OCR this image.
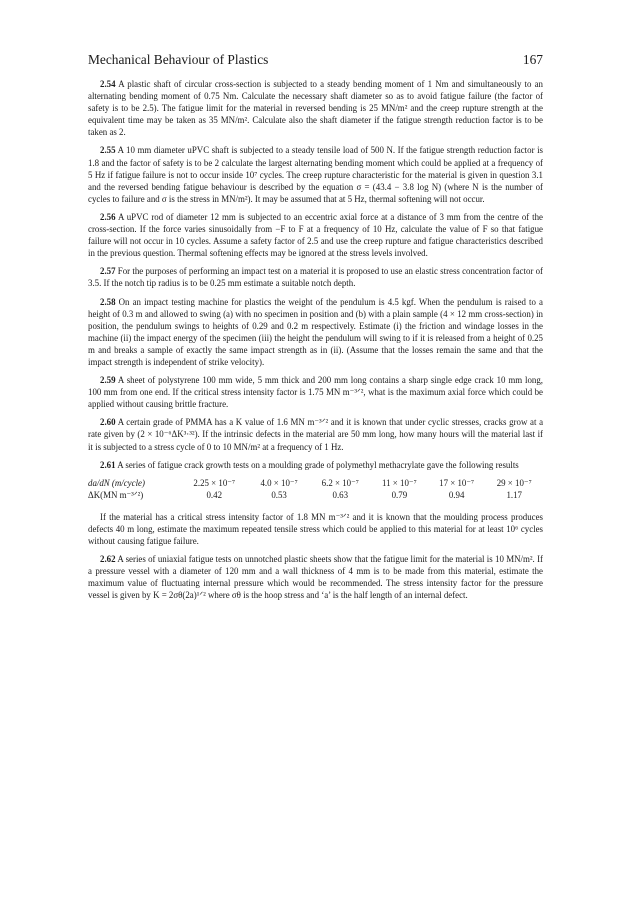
Mechanical Behaviour of Plastics	167

2.54 A plastic shaft of circular cross-section is subjected to a steady bending moment of 1 Nm and simultaneously to an alternating bending moment of 0.75 Nm. Calculate the necessary shaft diameter so as to avoid fatigue failure (the factor of safety is to be 2.5). The fatigue limit for the material in reversed bending is 25 MN/m² and the creep rupture strength at the equivalent time may be taken as 35 MN/m². Calculate also the shaft diameter if the fatigue strength reduction factor is to be taken as 2.

2.55 A 10 mm diameter uPVC shaft is subjected to a steady tensile load of 500 N. If the fatigue strength reduction factor is 1.8 and the factor of safety is to be 2 calculate the largest alternating bending moment which could be applied at a frequency of 5 Hz if fatigue failure is not to occur inside 10⁷ cycles. The creep rupture characteristic for the material is given in question 3.1 and the reversed bending fatigue behaviour is described by the equation σ = (43.4 − 3.8 log N) (where N is the number of cycles to failure and σ is the stress in MN/m²). It may be assumed that at 5 Hz, thermal softening will not occur.

2.56 A uPVC rod of diameter 12 mm is subjected to an eccentric axial force at a distance of 3 mm from the centre of the cross-section. If the force varies sinusoidally from −F to F at a frequency of 10 Hz, calculate the value of F so that fatigue failure will not occur in 10 cycles. Assume a safety factor of 2.5 and use the creep rupture and fatigue characteristics described in the previous question. Thermal softening effects may be ignored at the stress levels involved.

2.57 For the purposes of performing an impact test on a material it is proposed to use an elastic stress concentration factor of 3.5. If the notch tip radius is to be 0.25 mm estimate a suitable notch depth.

2.58 On an impact testing machine for plastics the weight of the pendulum is 4.5 kgf. When the pendulum is raised to a height of 0.3 m and allowed to swing (a) with no specimen in position and (b) with a plain sample (4 × 12 mm cross-section) in position, the pendulum swings to heights of 0.29 and 0.2 m respectively. Estimate (i) the friction and windage losses in the machine (ii) the impact energy of the specimen (iii) the height the pendulum will swing to if it is released from a height of 0.25 m and breaks a sample of exactly the same impact strength as in (ii). (Assume that the losses remain the same and that the impact strength is independent of strike velocity).

2.59 A sheet of polystyrene 100 mm wide, 5 mm thick and 200 mm long contains a sharp single edge crack 10 mm long, 100 mm from one end. If the critical stress intensity factor is 1.75 MN m⁻³ᐟ², what is the maximum axial force which could be applied without causing brittle fracture.

2.60 A certain grade of PMMA has a K value of 1.6 MN m⁻³ᐟ² and it is known that under cyclic stresses, cracks grow at a rate given by (2 × 10⁻⁶ΔK³·³²). If the intrinsic defects in the material are 50 mm long, how many hours will the material last if it is subjected to a stress cycle of 0 to 10 MN/m² at a frequency of 1 Hz.

2.61 A series of fatigue crack growth tests on a moulding grade of polymethyl methacrylate gave the following results

da/dN (m/cycle)	2.25 × 10⁻⁷	4.0 × 10⁻⁷	6.2 × 10⁻⁷	11 × 10⁻⁷	17 × 10⁻⁷	29 × 10⁻⁷
ΔK(MN m⁻³ᐟ²)	0.42	0.53	0.63	0.79	0.94	1.17

If the material has a critical stress intensity factor of 1.8 MN m⁻³ᐟ² and it is known that the moulding process produces defects 40 m long, estimate the maximum repeated tensile stress which could be applied to this material for at least 10⁶ cycles without causing fatigue failure.

2.62 A series of uniaxial fatigue tests on unnotched plastic sheets show that the fatigue limit for the material is 10 MN/m². If a pressure vessel with a diameter of 120 mm and a wall thickness of 4 mm is to be made from this material, estimate the maximum value of fluctuating internal pressure which would be recommended. The stress intensity factor for the pressure vessel is given by K = 2σθ(2a)¹ᐟ² where σθ is the hoop stress and ‘a’ is the half length of an internal defect.
